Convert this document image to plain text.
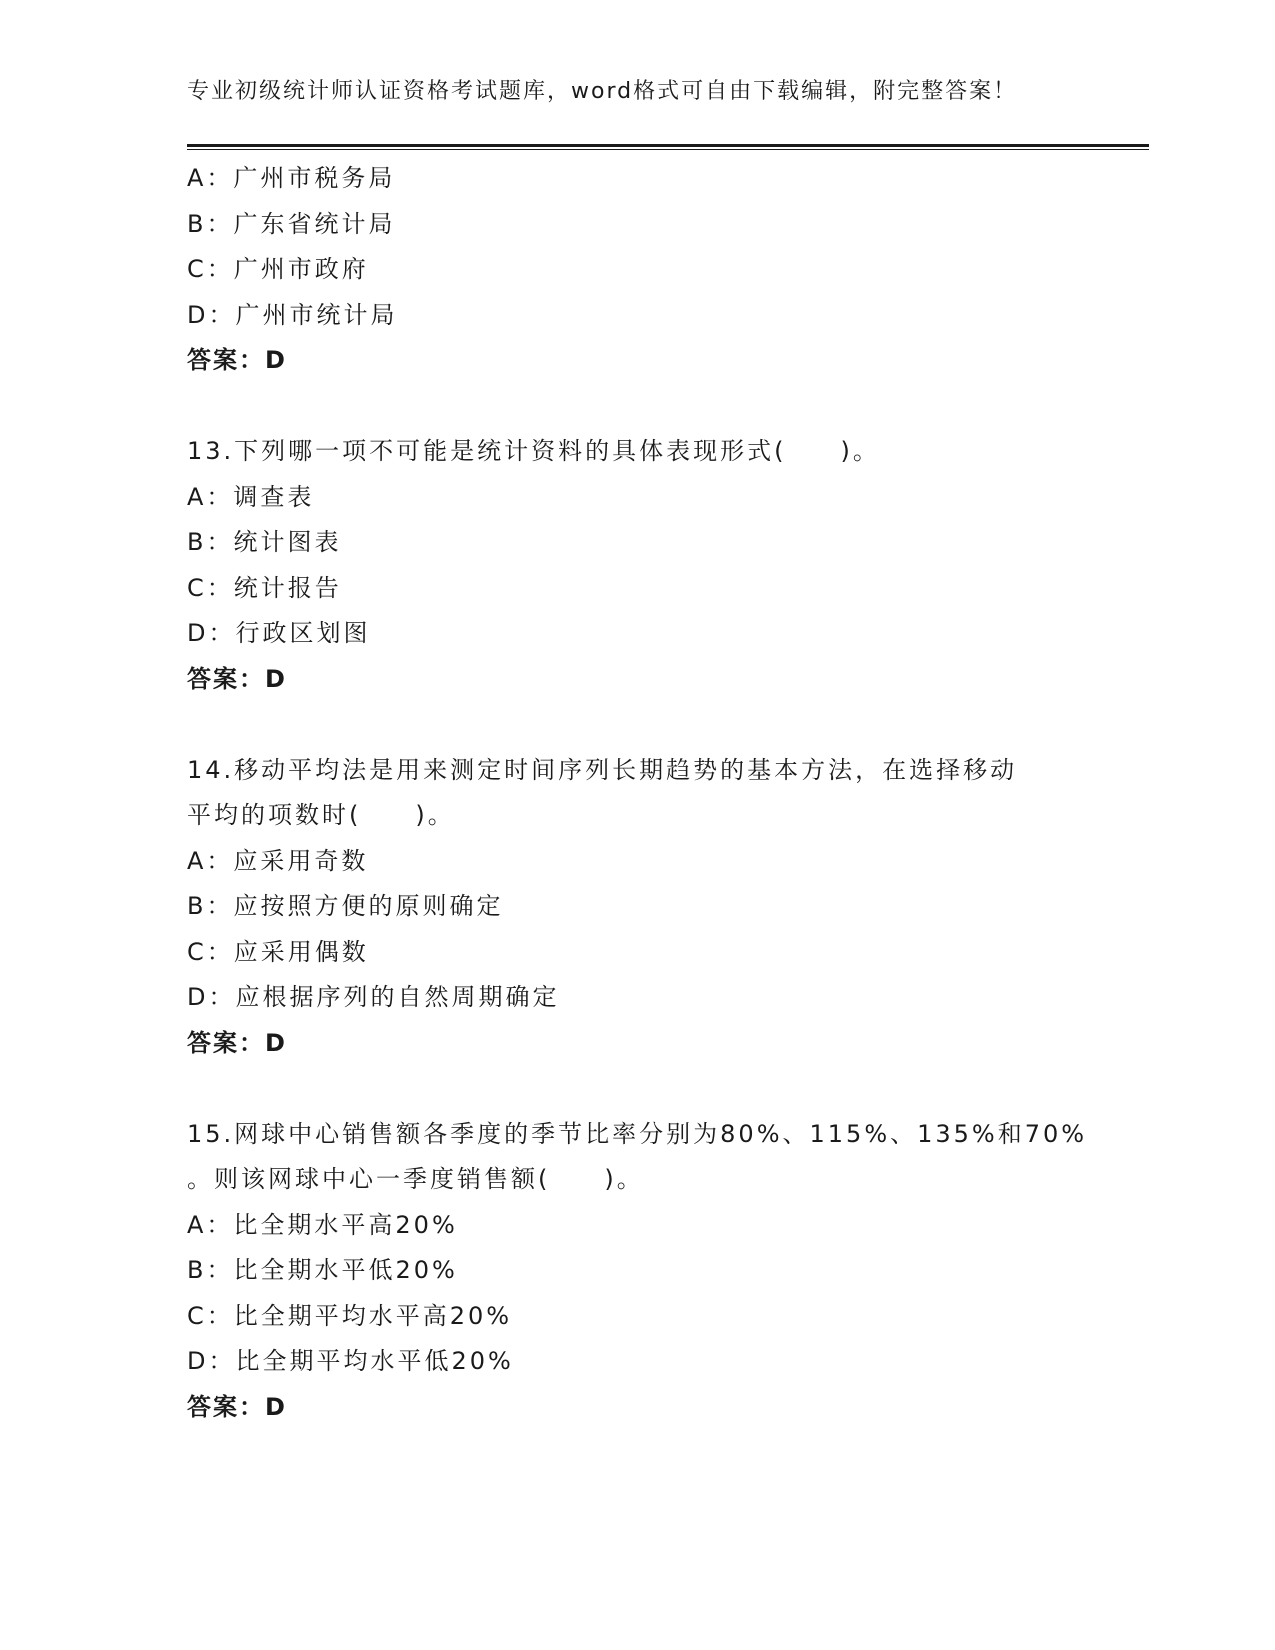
专业初级统计师认证资格考试题库，word格式可自由下载编辑，附完整答案！
A：广州市税务局
B：广东省统计局
C：广州市政府
D：广州市统计局
答案：D
13.下列哪一项不可能是统计资料的具体表现形式(　　)。
A：调查表
B：统计图表
C：统计报告
D：行政区划图
答案：D
14.移动平均法是用来测定时间序列长期趋势的基本方法，在选择移动
平均的项数时(　　)。
A：应采用奇数
B：应按照方便的原则确定
C：应采用偶数
D：应根据序列的自然周期确定
答案：D
15.网球中心销售额各季度的季节比率分别为80%、115%、135%和70%
。则该网球中心一季度销售额(　　)。
A：比全期水平高20%
B：比全期水平低20%
C：比全期平均水平高20%
D：比全期平均水平低20%
答案：D
